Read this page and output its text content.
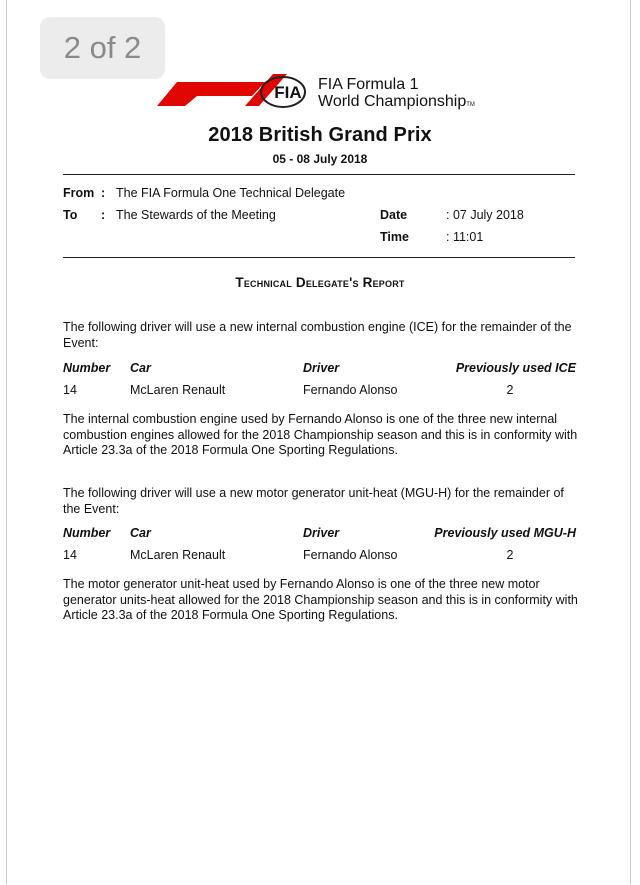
2 of 2
FIA	FIA Formula 1
World ChampionshipTM
2018 British Grand Prix
05 - 08 July 2018
From : The FIA Formula One Technical Delegate
To : The Stewards of the Meeting	Date	: 07 July 2018
Time	: 11:01
Technical Delegate's Report
The following driver will use a new internal combustion engine (ICE) for the remainder of the Event:
Number Car	Driver	Previously used ICE
14	McLaren Renault	Fernando Alonso	2
The internal combustion engine used by Fernando Alonso is one of the three new internal combustion engines allowed for the 2018 Championship season and this is in conformity with Article 23.3a of the 2018 Formula One Sporting Regulations.
The following driver will use a new motor generator unit-heat (MGU-H) for the remainder of the Event:
Number Car	Driver	Previously used MGU-H
14	McLaren Renault	Fernando Alonso	2
The motor generator unit-heat used by Fernando Alonso is one of the three new motor generator units-heat allowed for the 2018 Championship season and this is in conformity with Article 23.3a of the 2018 Formula One Sporting Regulations.
